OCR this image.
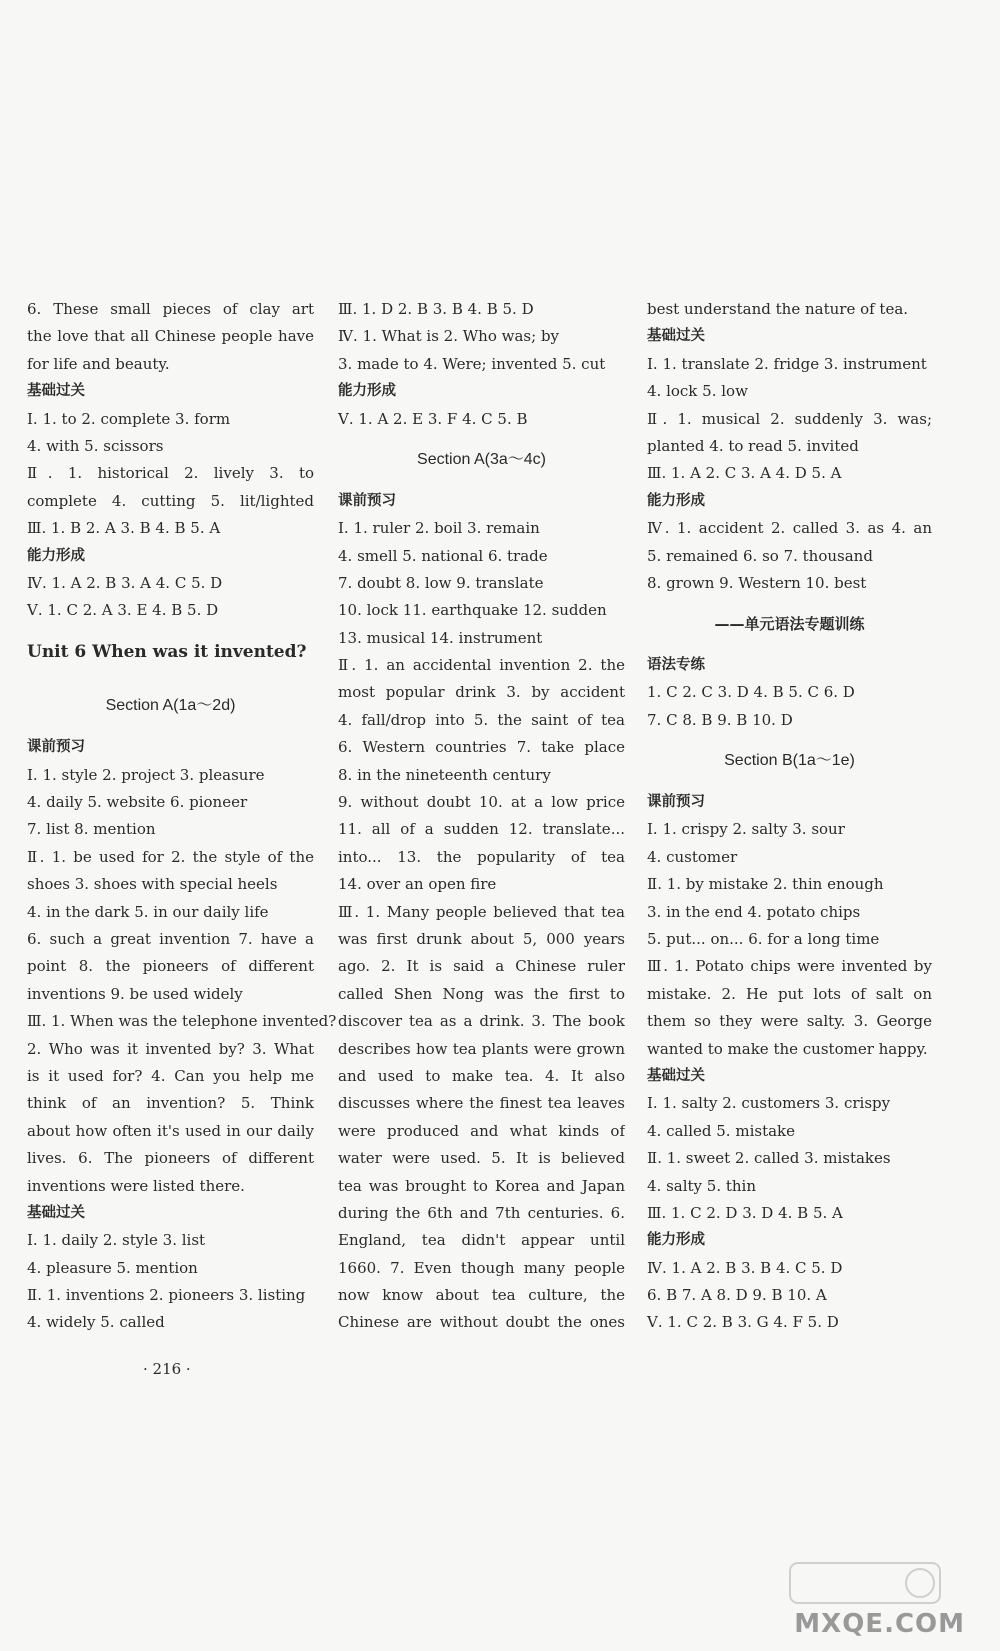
6. These small pieces of clay art
the love that all Chinese people have
for life and beauty.
基础过关
Ⅰ. 1. to 2. complete 3. form
4. with 5. scissors
Ⅱ. 1. historical 2. lively 3. to
complete 4. cutting 5. lit/lighted
Ⅲ. 1. B 2. A 3. B 4. B 5. A
能力形成
Ⅳ. 1. A 2. B 3. A 4. C 5. D
Ⅴ. 1. C 2. A 3. E 4. B 5. D
Unit 6 When was it invented?
Section A(1a～2d)
课前预习
Ⅰ. 1. style 2. project 3. pleasure
4. daily 5. website 6. pioneer
7. list 8. mention
Ⅱ. 1. be used for 2. the style of the
shoes 3. shoes with special heels
4. in the dark 5. in our daily life
6. such a great invention 7. have a
point 8. the pioneers of different
inventions 9. be used widely
Ⅲ. 1. When was the telephone invented?
2. Who was it invented by? 3. What
is it used for? 4. Can you help me
think of an invention? 5. Think
about how often it's used in our daily
lives. 6. The pioneers of different
inventions were listed there.
基础过关
Ⅰ. 1. daily 2. style 3. list
4. pleasure 5. mention
Ⅱ. 1. inventions 2. pioneers 3. listing
4. widely 5. called
Ⅲ. 1. D 2. B 3. B 4. B 5. D
Ⅳ. 1. What is 2. Who was; by
3. made to 4. Were; invented 5. cut
能力形成
Ⅴ. 1. A 2. E 3. F 4. C 5. B
Section A(3a～4c)
课前预习
Ⅰ. 1. ruler 2. boil 3. remain
4. smell 5. national 6. trade
7. doubt 8. low 9. translate
10. lock 11. earthquake 12. sudden
13. musical 14. instrument
Ⅱ. 1. an accidental invention 2. the
most popular drink 3. by accident
4. fall/drop into 5. the saint of tea
6. Western countries 7. take place
8. in the nineteenth century
9. without doubt 10. at a low price
11. all of a sudden 12. translate...
into... 13. the popularity of tea
14. over an open fire
Ⅲ. 1. Many people believed that tea
was first drunk about 5, 000 years
ago. 2. It is said a Chinese ruler
called Shen Nong was the first to
discover tea as a drink. 3. The book
describes how tea plants were grown
and used to make tea. 4. It also
discusses where the finest tea leaves
were produced and what kinds of
water were used. 5. It is believed
tea was brought to Korea and Japan
during the 6th and 7th centuries. 6.
England, tea didn't appear until
1660. 7. Even though many people
now know about tea culture, the
Chinese are without doubt the ones
best understand the nature of tea.
基础过关
Ⅰ. 1. translate 2. fridge 3. instrument
4. lock 5. low
Ⅱ. 1. musical 2. suddenly 3. was;
planted 4. to read 5. invited
Ⅲ. 1. A 2. C 3. A 4. D 5. A
能力形成
Ⅳ. 1. accident 2. called 3. as 4. an
5. remained 6. so 7. thousand
8. grown 9. Western 10. best
——单元语法专题训练
语法专练
1. C 2. C 3. D 4. B 5. C 6. D
7. C 8. B 9. B 10. D
Section B(1a～1e)
课前预习
Ⅰ. 1. crispy 2. salty 3. sour
4. customer
Ⅱ. 1. by mistake 2. thin enough
3. in the end 4. potato chips
5. put... on... 6. for a long time
Ⅲ. 1. Potato chips were invented by
mistake. 2. He put lots of salt on
them so they were salty. 3. George
wanted to make the customer happy.
基础过关
Ⅰ. 1. salty 2. customers 3. crispy
4. called 5. mistake
Ⅱ. 1. sweet 2. called 3. mistakes
4. salty 5. thin
Ⅲ. 1. C 2. D 3. D 4. B 5. A
能力形成
Ⅳ. 1. A 2. B 3. B 4. C 5. D
6. B 7. A 8. D 9. B 10. A
Ⅴ. 1. C 2. B 3. G 4. F 5. D
· 216 ·
MXQE.COM
